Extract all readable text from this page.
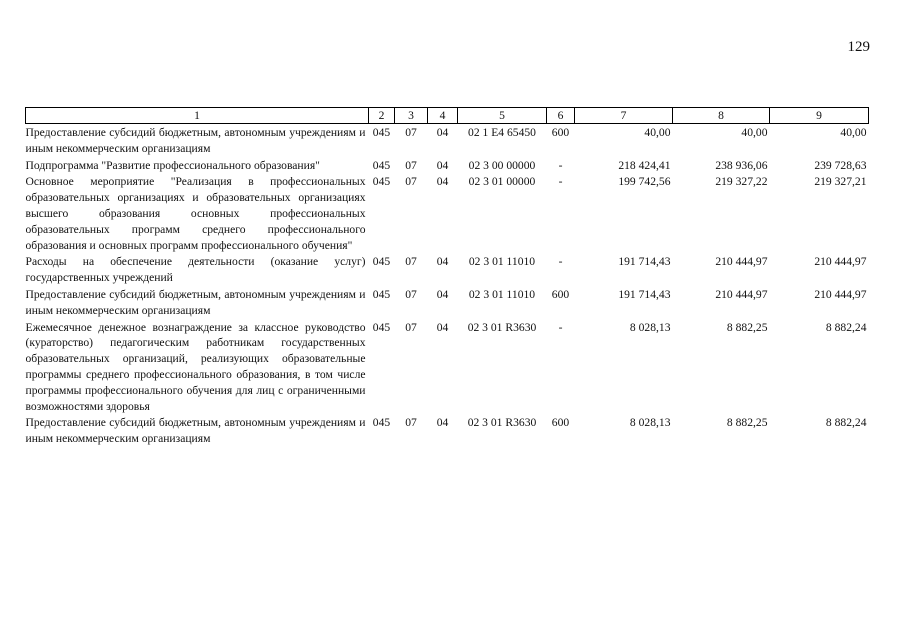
129
1	2	3	4	5	6	7	8	9
Предоставление субсидий бюджетным, автономным учреждениям и иным некоммерческим организациям	045	07	04	02 1 E4 65450	600	40,00	40,00	40,00
Подпрограмма "Развитие профессионального образования"	045	07	04	02 3 00 00000	-	218 424,41	238 936,06	239 728,63
Основное мероприятие "Реализация в профессиональных образовательных организациях и образовательных организациях высшего образования основных профессиональных образовательных программ среднего профессионального образования и основных программ профессионального обучения"	045	07	04	02 3 01 00000	-	199 742,56	219 327,22	219 327,21
Расходы на обеспечение деятельности (оказание услуг) государственных учреждений	045	07	04	02 3 01 11010	-	191 714,43	210 444,97	210 444,97
Предоставление субсидий бюджетным, автономным учреждениям и иным некоммерческим организациям	045	07	04	02 3 01 11010	600	191 714,43	210 444,97	210 444,97
Ежемесячное денежное вознаграждение за классное руководство (кураторство) педагогическим работникам государственных образовательных организаций, реализующих образовательные программы среднего профессионального образования, в том числе программы профессионального обучения для лиц с ограниченными возможностями здоровья	045	07	04	02 3 01 R3630	-	8 028,13	8 882,25	8 882,24
Предоставление субсидий бюджетным, автономным учреждениям и иным некоммерческим организациям	045	07	04	02 3 01 R3630	600	8 028,13	8 882,25	8 882,24
